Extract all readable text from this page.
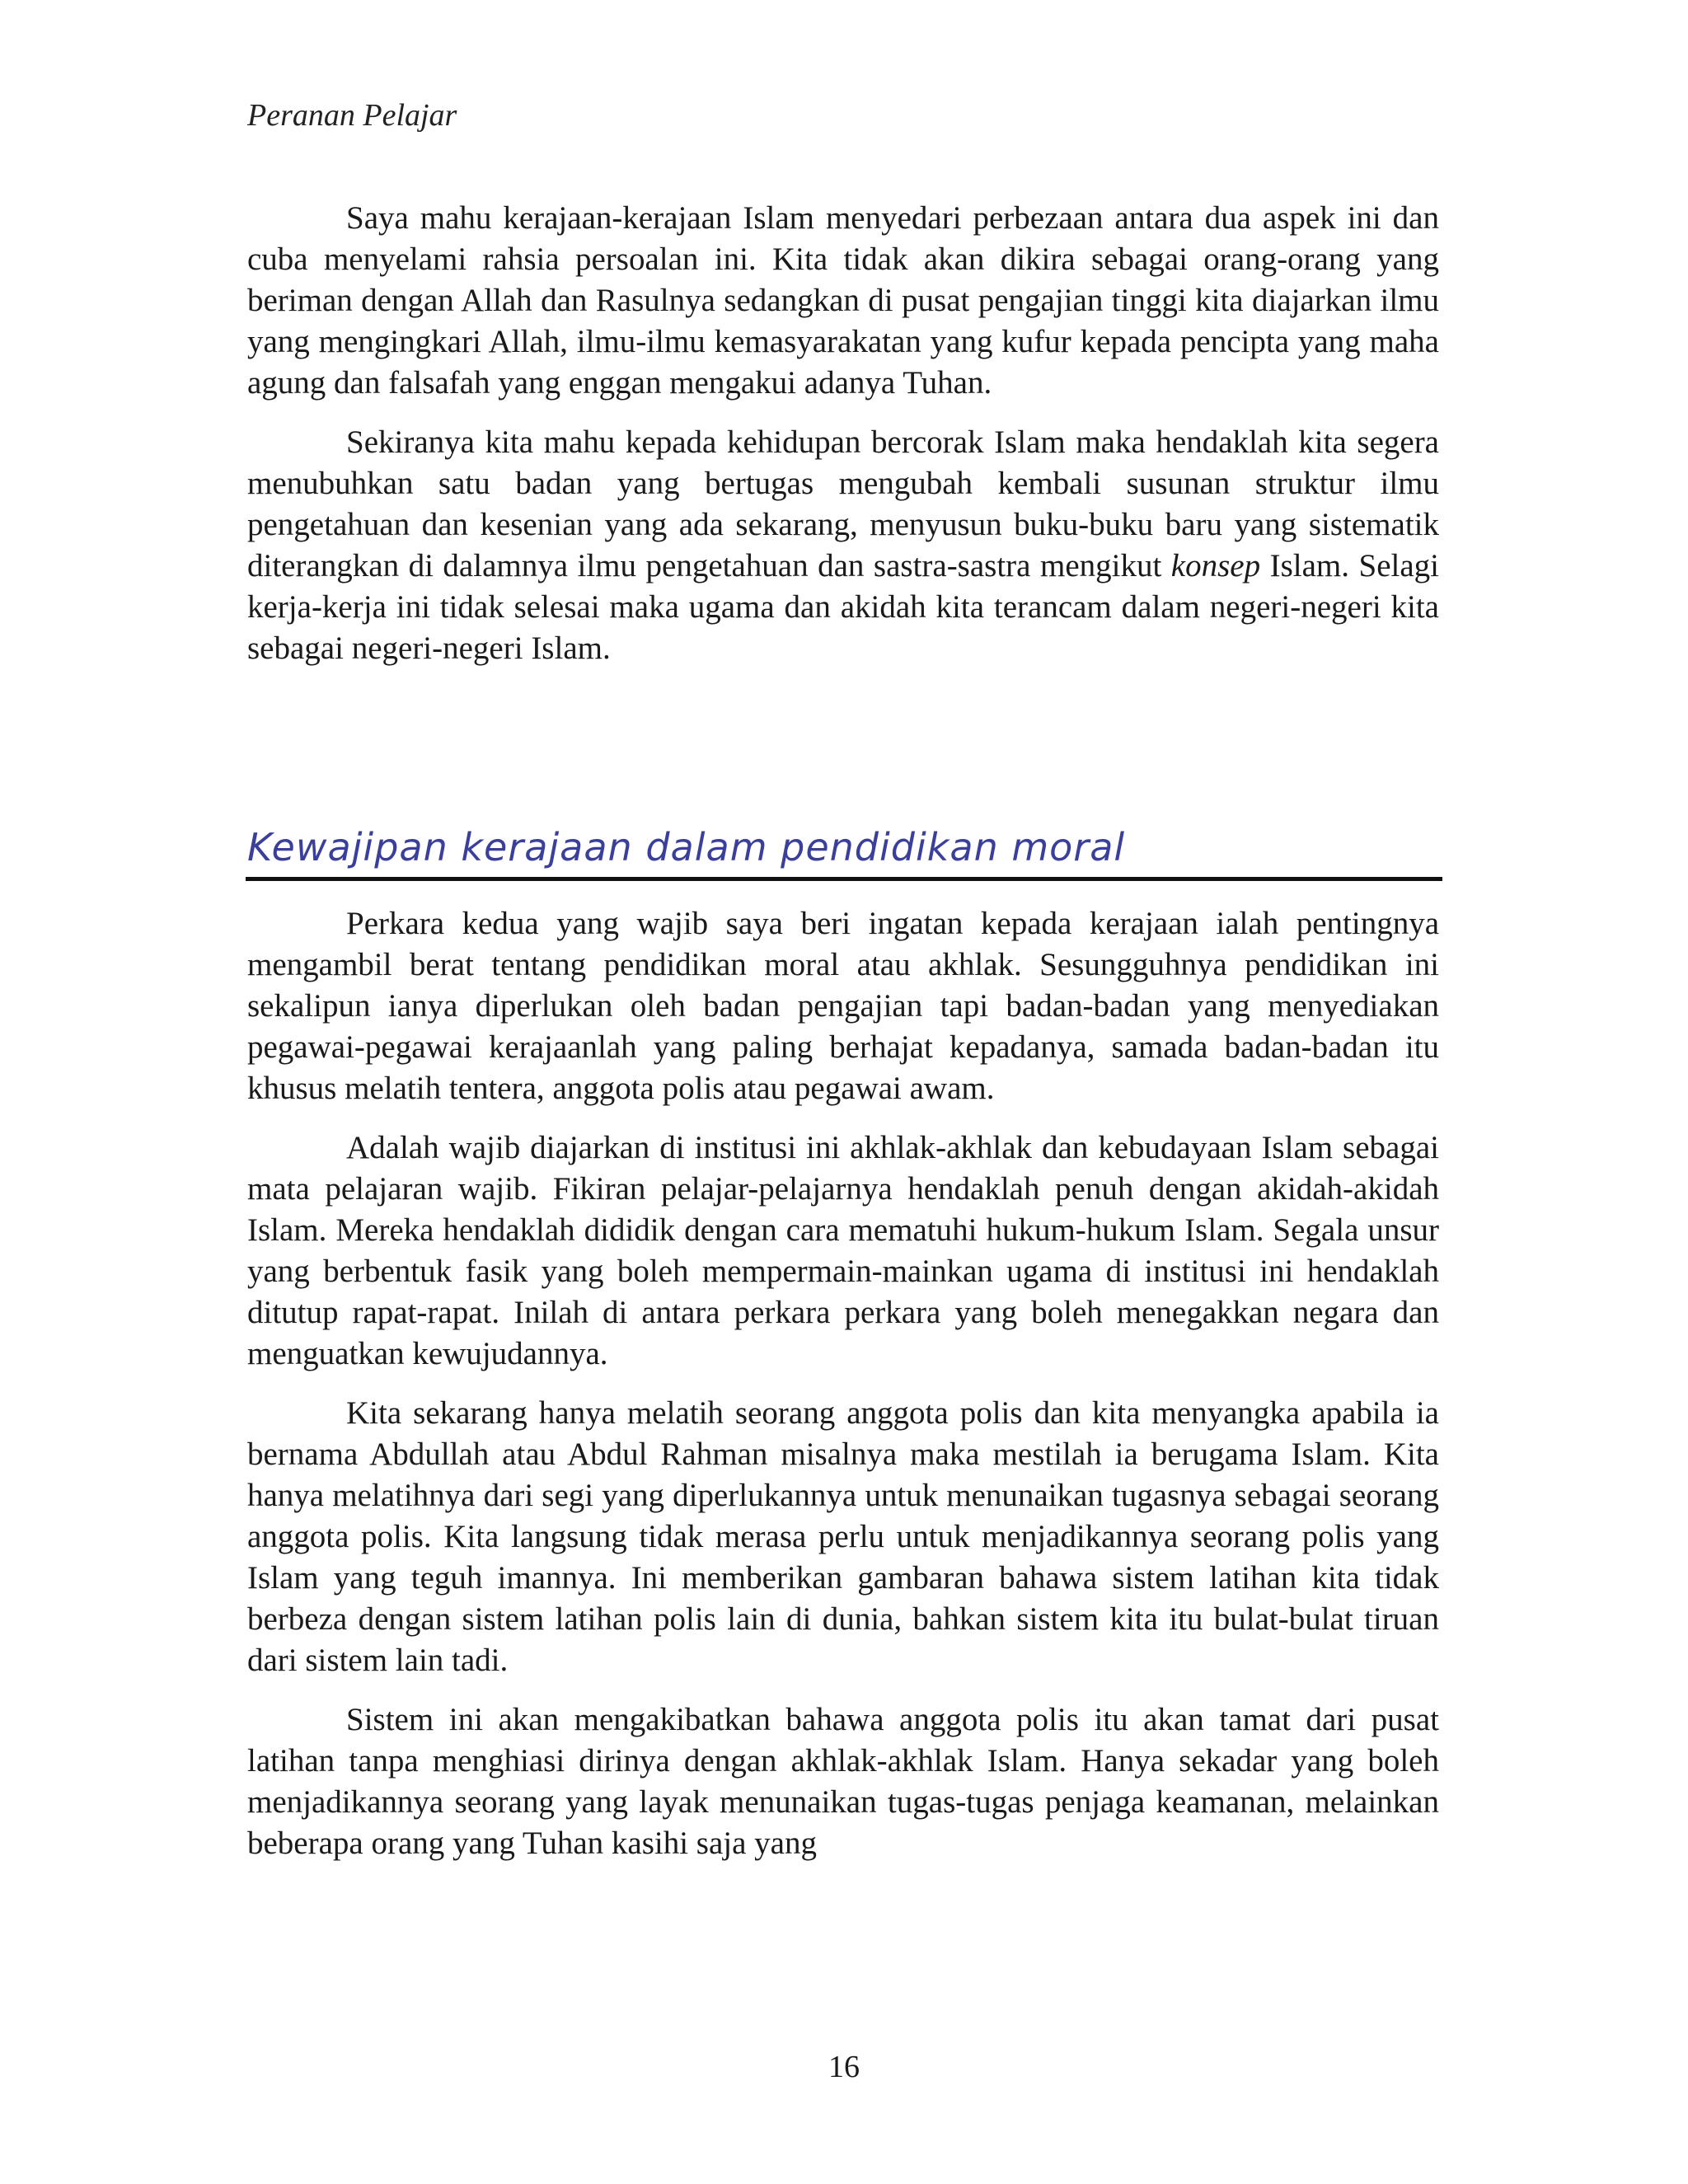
Peranan Pelajar

Saya mahu kerajaan-kerajaan Islam menyedari perbezaan antara dua aspek ini dan cuba menyelami rahsia persoalan ini. Kita tidak akan dikira sebagai orang-orang yang beriman dengan Allah dan Rasulnya sedangkan di pusat pengajian tinggi kita diajarkan ilmu yang mengingkari Allah, ilmu-ilmu kemasyarakatan yang kufur kepada pencipta yang maha agung dan falsafah yang enggan mengakui adanya Tuhan.

Sekiranya kita mahu kepada kehidupan bercorak Islam maka hendaklah kita segera menubuhkan satu badan yang bertugas mengubah kembali susunan struktur ilmu pengetahuan dan kesenian yang ada sekarang, menyusun buku-buku baru yang sistematik diterangkan di dalamnya ilmu pengetahuan dan sastra-sastra mengikut konsep Islam. Selagi kerja-kerja ini tidak selesai maka ugama dan akidah kita terancam dalam negeri-negeri kita sebagai negeri-negeri Islam.

Kewajipan kerajaan dalam pendidikan moral

Perkara kedua yang wajib saya beri ingatan kepada kerajaan ialah pentingnya mengambil berat tentang pendidikan moral atau akhlak. Sesungguhnya pendidikan ini sekalipun ianya diperlukan oleh badan pengajian tapi badan-badan yang menyediakan pegawai-pegawai kerajaanlah yang paling berhajat kepadanya, samada badan-badan itu khusus melatih tentera, anggota polis atau pegawai awam.

Adalah wajib diajarkan di institusi ini akhlak-akhlak dan kebudayaan Islam sebagai mata pelajaran wajib. Fikiran pelajar-pelajarnya hendaklah penuh dengan akidah-akidah Islam. Mereka hendaklah dididik dengan cara mematuhi hukum-hukum Islam. Segala unsur yang berbentuk fasik yang boleh mempermain-mainkan ugama di institusi ini hendaklah ditutup rapat-rapat. Inilah di antara perkara perkara yang boleh menegakkan negara dan menguatkan kewujudannya.

Kita sekarang hanya melatih seorang anggota polis dan kita menyangka apabila ia bernama Abdullah atau Abdul Rahman misalnya maka mestilah ia berugama Islam. Kita hanya melatihnya dari segi yang diperlukannya untuk menunaikan tugasnya sebagai seorang anggota polis. Kita langsung tidak merasa perlu untuk menjadikannya seorang polis yang Islam yang teguh imannya. Ini memberikan gambaran bahawa sistem latihan kita tidak berbeza dengan sistem latihan polis lain di dunia, bahkan sistem kita itu bulat-bulat tiruan dari sistem lain tadi.

Sistem ini akan mengakibatkan bahawa anggota polis itu akan tamat dari pusat latihan tanpa menghiasi dirinya dengan akhlak-akhlak Islam. Hanya sekadar yang boleh menjadikannya seorang yang layak menunaikan tugas-tugas penjaga keamanan, melainkan beberapa orang yang Tuhan kasihi saja yang

16
